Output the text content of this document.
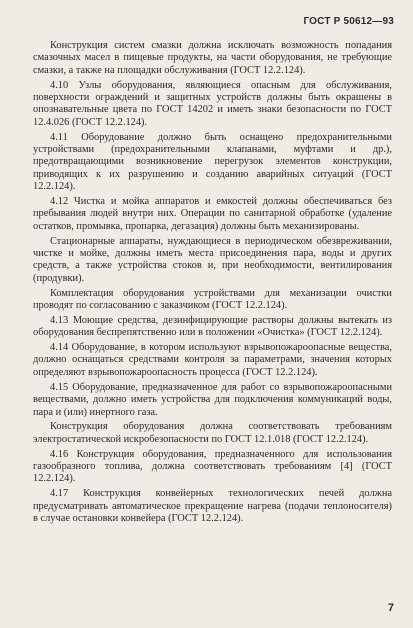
ГОСТ Р 50612—93

Конструкция систем смазки должна исключать возможность попадания смазочных масел в пищевые продукты, на части оборудования, не требующие смазки, а также на площадки обслуживания (ГОСТ 12.2.124).

4.10 Узлы оборудования, являющиеся опасным для обслуживания, поверхности ограждений и защитных устройств должны быть окрашены в опознавательные цвета по ГОСТ 14202 и иметь знаки безопасности по ГОСТ 12.4.026 (ГОСТ 12.2.124).

4.11 Оборудование должно быть оснащено предохранительными устройствами (предохранительными клапанами, муфтами и др.), предотвращающими возникновение перегрузок элементов конструкции, приводящих к их разрушению и созданию аварийных ситуаций (ГОСТ 12.2.124).

4.12 Чистка и мойка аппаратов и емкостей должны обеспечиваться без пребывания людей внутри них. Операции по санитарной обработке (удаление остатков, промывка, пропарка, дегазация) должны быть механизированы.

Стационарные аппараты, нуждающиеся в периодическом обезвреживании, чистке и мойке, должны иметь места присоединения пара, воды и других средств, а также устройства стоков и, при необходимости, вентилирования (продувки).

Комплектация оборудования устройствами для механизации очистки проводят по согласованию с заказчиком (ГОСТ 12.2.124).

4.13 Моющие средства, дезинфицирующие растворы должны вытекать из оборудования беспрепятственно или в положении «Очистка» (ГОСТ 12.2.124).

4.14 Оборудование, в котором используют взрывопожароопасные вещества, должно оснащаться средствами контроля за параметрами, значения которых определяют взрывопожароопасность процесса (ГОСТ 12.2.124).

4.15 Оборудование, предназначенное для работ со взрывопожароопасными веществами, должно иметь устройства для подключения коммуникаций воды, пара и (или) инертного газа.

Конструкция оборудования должна соответствовать требованиям электростатической искробезопасности по ГОСТ 12.1.018 (ГОСТ 12.2.124).

4.16 Конструкция оборудования, предназначенного для использования газообразного топлива, должна соответствовать требованиям [4] (ГОСТ 12.2.124).

4.17 Конструкция конвейерных технологических печей должна предусматривать автоматическое прекращение нагрева (подачи теплоносителя) в случае остановки конвейера (ГОСТ 12.2.124).

7
